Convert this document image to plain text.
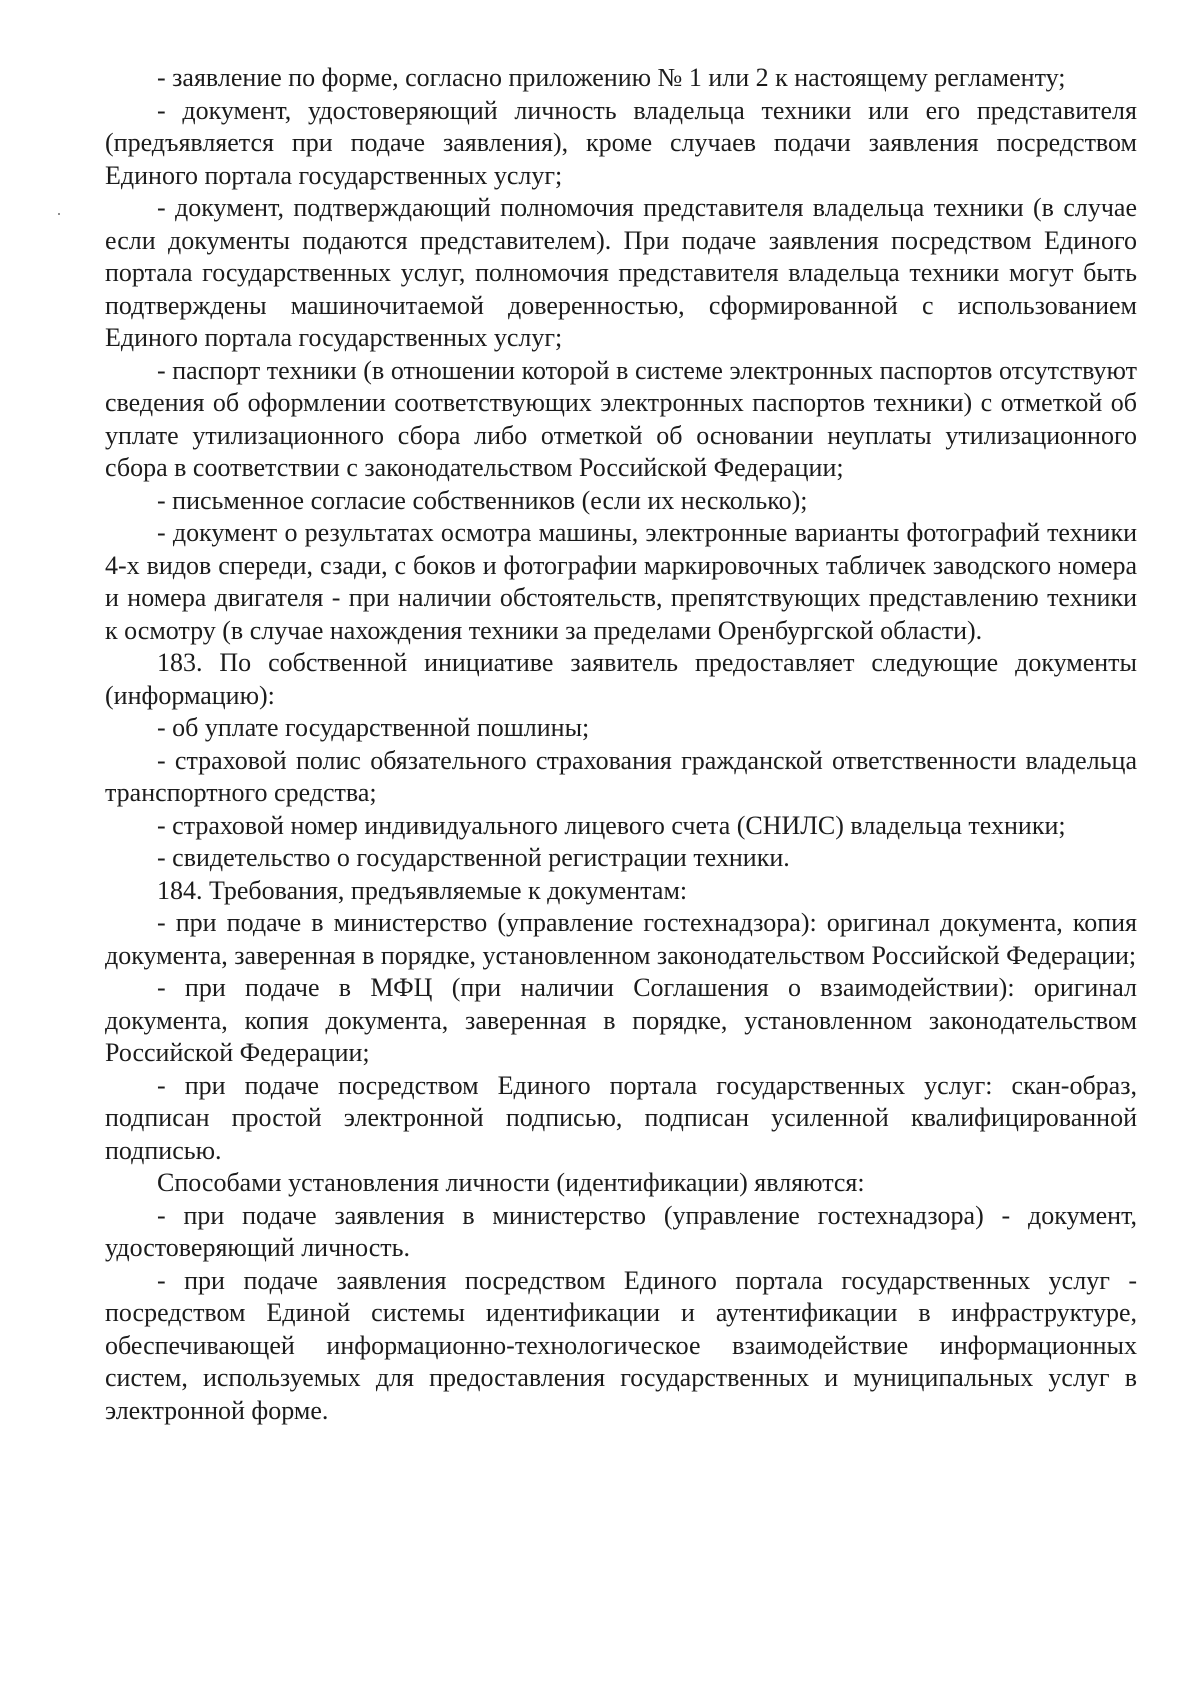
- заявление по форме, согласно приложению № 1 или 2 к настоящему регламенту;

- документ, удостоверяющий личность владельца техники или его представителя (предъявляется при подаче заявления), кроме случаев подачи заявления посредством Единого портала государственных услуг;

- документ, подтверждающий полномочия представителя владельца техники (в случае если документы подаются представителем). При подаче заявления посредством Единого портала государственных услуг, полномочия представителя владельца техники могут быть подтверждены машиночитаемой доверенностью, сформированной с использованием Единого портала государственных услуг;

- паспорт техники (в отношении которой в системе электронных паспортов отсутствуют сведения об оформлении соответствующих электронных паспортов техники) с отметкой об уплате утилизационного сбора либо отметкой об основании неуплаты утилизационного сбора в соответствии с законодательством Российской Федерации;

- письменное согласие собственников (если их несколько);

- документ о результатах осмотра машины, электронные варианты фотографий техники 4-х видов спереди, сзади, с боков и фотографии маркировочных табличек заводского номера и номера двигателя - при наличии обстоятельств, препятствующих представлению техники к осмотру (в случае нахождения техники за пределами Оренбургской области).

183. По собственной инициативе заявитель предоставляет следующие документы (информацию):

- об уплате государственной пошлины;

- страховой полис обязательного страхования гражданской ответственности владельца транспортного средства;

- страховой номер индивидуального лицевого счета (СНИЛС) владельца техники;

- свидетельство о государственной регистрации техники.

184. Требования, предъявляемые к документам:

- при подаче в министерство (управление гостехнадзора): оригинал документа, копия документа, заверенная в порядке, установленном законодательством Российской Федерации;

- при подаче в МФЦ (при наличии Соглашения о взаимодействии): оригинал документа, копия документа, заверенная в порядке, установленном законодательством Российской Федерации;

- при подаче посредством Единого портала государственных услуг: скан-образ, подписан простой электронной подписью, подписан усиленной квалифицированной подписью.

Способами установления личности (идентификации) являются:

- при подаче заявления в министерство (управление гостехнадзора) - документ, удостоверяющий личность.

- при подаче заявления посредством Единого портала государственных услуг - посредством Единой системы идентификации и аутентификации в инфраструктуре, обеспечивающей информационно-технологическое взаимодействие информационных систем, используемых для предоставления государственных и муниципальных услуг в электронной форме.
